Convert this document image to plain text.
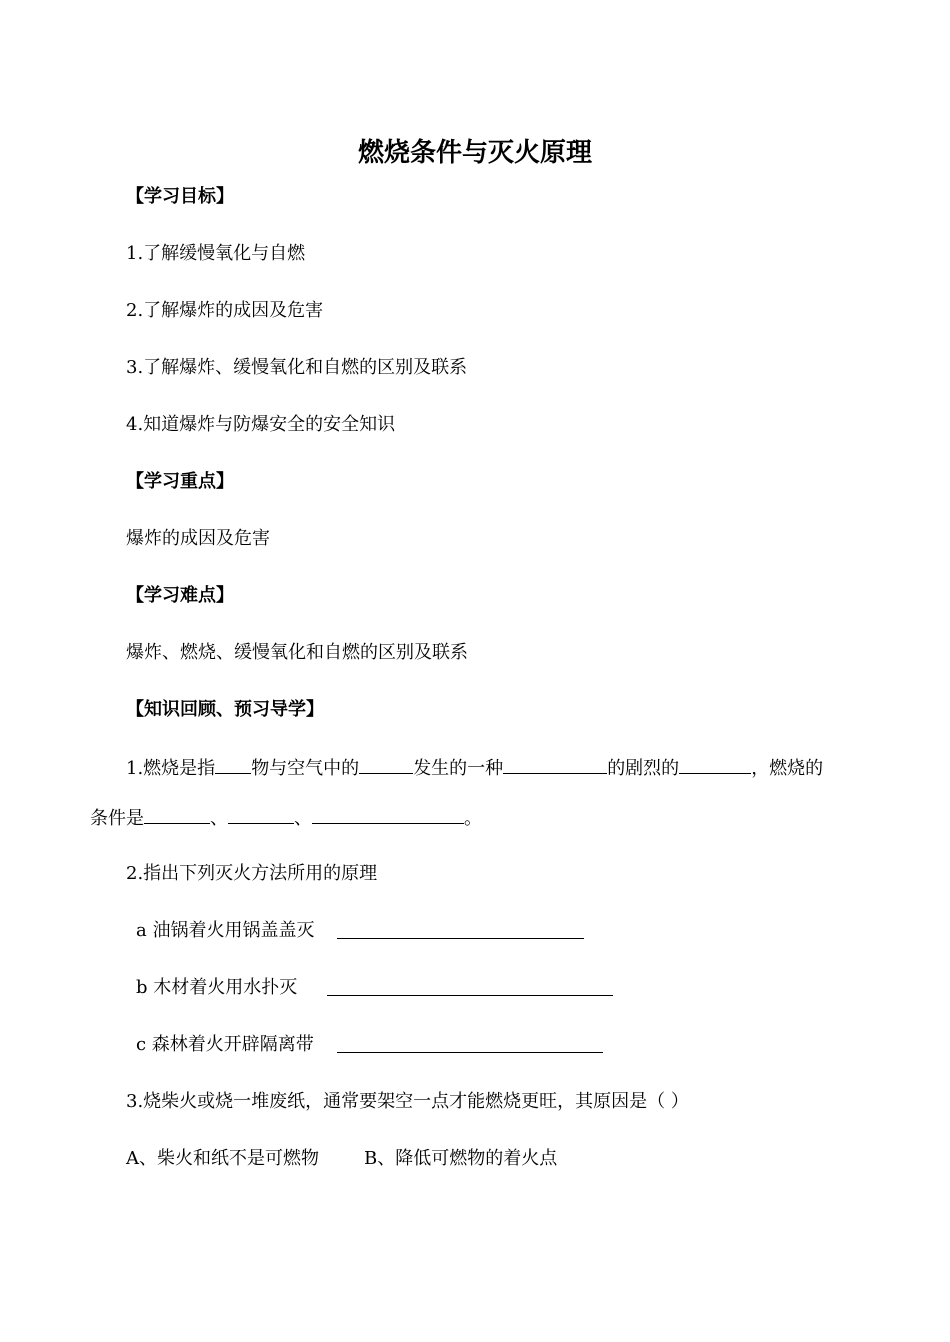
燃烧条件与灭火原理
【学习目标】
1.了解缓慢氧化与自燃
2.了解爆炸的成因及危害
3.了解爆炸、缓慢氧化和自燃的区别及联系
4.知道爆炸与防爆安全的安全知识
【学习重点】
爆炸的成因及危害
【学习难点】
爆炸、燃烧、缓慢氧化和自燃的区别及联系
【知识回顾、预习导学】
1.燃烧是指 物与空气中的	发生的一种	的剧烈的	，燃烧的
条件是	、	、	。
2.指出下列灭火方法所用的原理
a 油锅着火用锅盖盖灭
b 木材着火用水扑灭
c 森林着火开辟隔离带
3.烧柴火或烧一堆废纸，通常要架空一点才能燃烧更旺，其原因是（ ）
A、柴火和纸不是可燃物	B、降低可燃物的着火点
